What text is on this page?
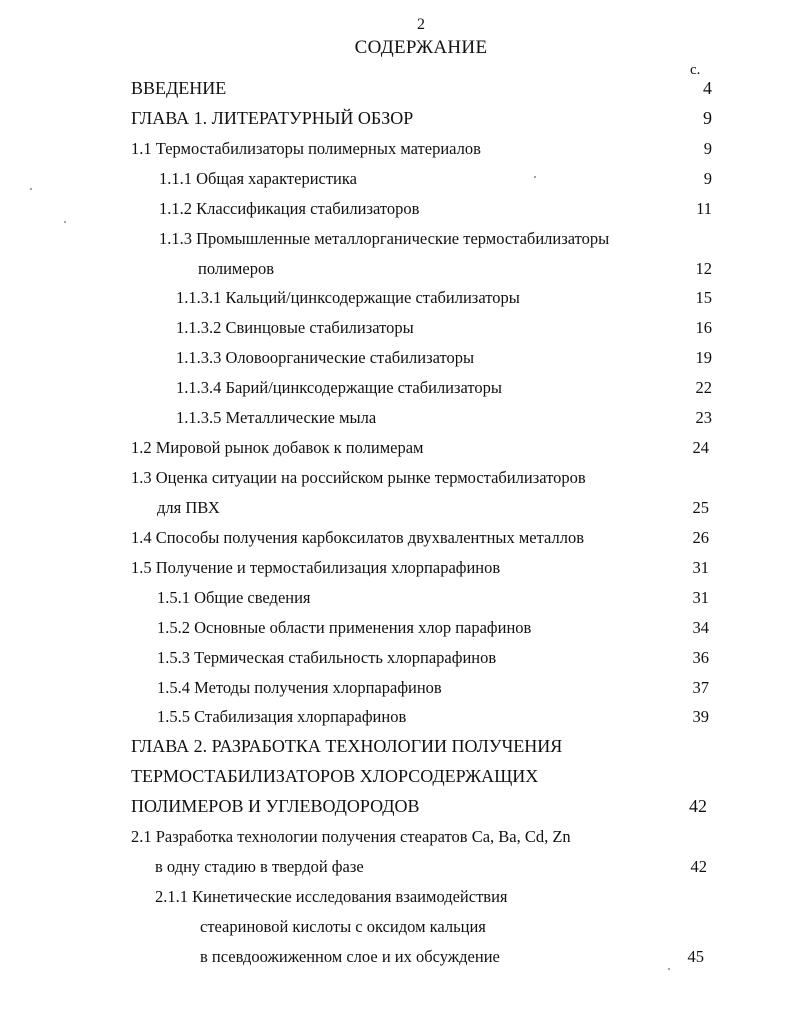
2
СОДЕРЖАНИЕ
с.
ВВЕДЕНИЕ	4
ГЛАВА 1. ЛИТЕРАТУРНЫЙ ОБЗОР	9
1.1 Термостабилизаторы полимерных материалов	9
1.1.1 Общая характеристика	9
1.1.2 Классификация стабилизаторов	11
1.1.3 Промышленные металлорганические термостабилизаторы
полимеров	12
1.1.3.1 Кальций/цинксодержащие стабилизаторы	15
1.1.3.2 Свинцовые стабилизаторы	16
1.1.3.3 Оловоорганические стабилизаторы	19
1.1.3.4 Барий/цинксодержащие стабилизаторы	22
1.1.3.5 Металлические мыла	23
1.2 Мировой рынок добавок к полимерам	24
1.3 Оценка ситуации на российском рынке термостабилизаторов
для ПВХ	25
1.4 Способы получения карбоксилатов двухвалентных металлов	26
1.5 Получение и термостабилизация хлорпарафинов	31
1.5.1 Общие сведения	31
1.5.2 Основные области применения хлор парафинов	34
1.5.3 Термическая стабильность хлорпарафинов	36
1.5.4 Методы получения хлорпарафинов	37
1.5.5 Стабилизация хлорпарафинов	39
ГЛАВА 2. РАЗРАБОТКА ТЕХНОЛОГИИ ПОЛУЧЕНИЯ
ТЕРМОСТАБИЛИЗАТОРОВ ХЛОРСОДЕРЖАЩИХ
ПОЛИМЕРОВ И УГЛЕВОДОРОДОВ	42
2.1 Разработка технологии получения стеаратов Ca, Ba, Cd, Zn
в одну стадию в твердой фазе	42
2.1.1 Кинетические исследования взаимодействия
стеариновой кислоты с оксидом кальция
в псевдоожиженном слое и их обсуждение	45
